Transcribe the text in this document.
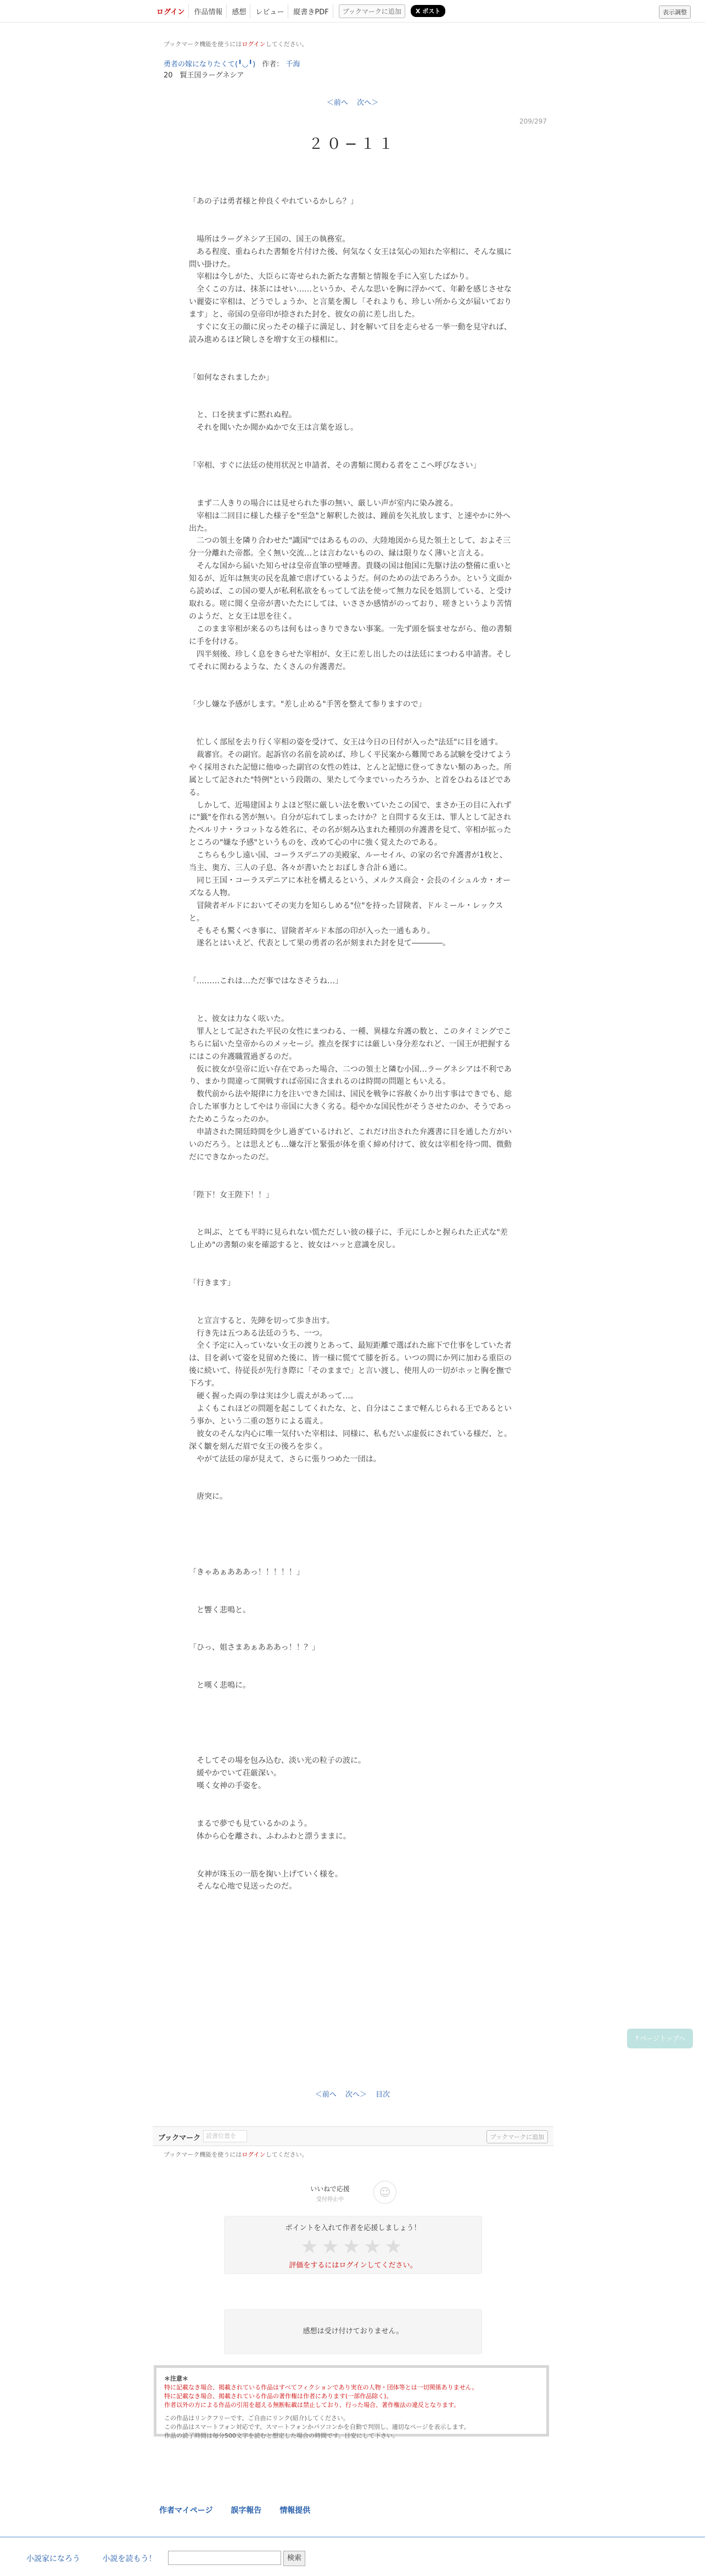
ログイン	作品情報	感想	レビュー	縦書きPDF	ブックマークに追加	X ポスト	表示調整
ブックマーク機能を使うにはログインしてください。
勇者の嫁になりたくて(╹◡╹) 作者： 千海
20　賢王国ラーグネシア
＜前へ 次へ＞
209/297
２０−１１

「あの子は勇者様と仲良くやれているかしら？」

　場所はラーグネシア王国の、国王の執務室。

　ある程度、重ねられた書類を片付けた後、何気なく女王は気心の知れた宰相に、そんな風に問い掛けた。

　宰相は今しがた、大臣らに寄せられた新たな書類と情報を手に入室したばかり。

　全くこの方は、抹茶にはせい……というか、そんな思いを胸に浮かべて、年齢を感じさせない麗姿に宰相は、どうでしょうか、と言葉を濁し「それよりも、珍しい所から文が届いております」と、帝国の皇帝印が捺された封を、彼女の前に差し出した。

　すぐに女王の顔に戻ったその様子に満足し、封を解いて目を走らせる一挙一動を見守れば、読み進めるほど険しさを増す女王の様相に。

「如何なされましたか」

　と、口を挟まずに黙れぬ程。

　それを聞いたか聞かぬかで女王は言葉を返し。

「宰相、すぐに法廷の使用状況と申請者、その書類に関わる者をここへ呼びなさい」

　まず二人きりの場合には見せられた事の無い、厳しい声が室内に染み渡る。

　宰相は二回目に様した様子を"至急"と解釈した彼は、踵前を矢礼放します、と速やかに外へ出た。

　二つの領土を隣り合わせた"識国"ではあるものの、大陸地図から見た領土として、およそ三分一分離れた帝都。全く無い交流…とは言わないものの、縁は限りなく薄いと言える。

　そんな国から届いた知らせは皇帝直筆の壁唾書。貴賤の国は他国に先駆け法の整備に重いと知るが、近年は無実の民を乱雑で虐げているようだ。何のための法であろうか。という文面から読めば、この国の要人が私利私欲をもってして法を使って無力な民を処罰している、と受け取れる。嗟に聞く皇帝が書いたたにしては、いささか感情がのっており、嗟きというより苦情のようだ、と女王は思を往く。

　このまま宰相が来るのちは何もはっきりできない事案。一先ず頭を悩ませながら、他の書類に手を付ける。

　四半刻後、珍しく息をきらせた宰相が、女王に差し出したのは法廷にまつわる申請書。そしてそれに関わるような、たくさんの弁護書だ。

「少し嫌な予感がします。"差し止める"手筈を整えて参りますので」

　忙しく部屋を去り行く宰相の姿を受けて、女王は今日の日付が入った"法廷"に目を通す。

　裁審官。その副官。起訴官の名前を読めば、珍しく平民案から難関である試験を受けてようやく採用された記憶に他ゆった副官の女性の姓は、とんと記憶に登ってきない類のあった。所属として記された"特例"という段階の、果たして今までいったろうか、と首をひねるほどである。

　しかして、近場建国よりよほど堅に厳しい法を敷いていたこの国で、まさか王の目に入れずに"籤"を作れる筈が無い。自分が忘れてしまったけか？と自問する女王は、罪人として記されたペルリナ・ラコットなる姓名に、その名が刻み込まれた種別の弁護書を見て、宰相が拡ったところの"嫌な予感"というものを、改めて心の中に強く覚えたのである。

　こちらも少し遠い国、コーラスデニアの美殿家、ルーセイル、の家の名で弁護書が1枚と、当主、奥方、三人の子息、各々が書いたとおぼしき合計６通に。

　同じ王国・コーラスデニアに本社を構えるという、メルクス商会・会長のイシュルカ・オーズなる人物。

　冒険者ギルドにおいてその実力を知らしめる"位"を持った冒険者、ドルミール・レックスと。

　そもそも驚くべき事に、冒険者ギルド本部の印が入った一通もあり。

　遂名とはいえど、代表として果の勇者の名が刻まれた封を見て――――。

「………これは…ただ事ではなさそうね…」

　と、彼女は力なく呟いた。

　罪人として記された平民の女性にまつわる、一種、異様な弁護の数と、このタイミングでこちらに届いた皇帝からのメッセージ。推点を探すには厳しい身分差なれど、一国王が把握するにはこの弁護職置過ぎるのだ。

　仮に彼女が皇帝に近い存在であった場合、二つの領土と隣む小国…ラーグネシアは不利であり、まかり間違って開戦すれば帝国に含まれるのは時間の問題ともいえる。

　数代前から法や規律に力を注いできた国は、国民を戦争に容赦くかり出す事はできでも、総合した軍事力としてやはり帝国に大きく劣る。穏やかな国民性がそうさせたのか、そうであったためこうなったのか。

　申請された開廷時間を少し過ぎているけれど、これだけ出された弁護書に目を通した方がいいのだろう。とは思えども…嫌な汗と緊張が体を重く締め付けて、彼女は宰相を待つ間、微動だにできなかったのだ。

「陛下！女王陛下！！」

　と叫ぶ、とても平時に見られない慌ただしい彼の様子に、手元にしかと握られた正式な"差し止め"の書類の束を確認すると、彼女はハッと意識を戻し。

「行きます」

　と宣言すると、先陣を切って歩き出す。

　行き先は五つある法廷のうち、一つ。

　全く予定に入っていない女王の渡りとあって、最短距離で選ばれた廊下で仕事をしていた者は、目を剥いて姿を見留めた後に、皆一様に慌てて膝を折る。いつの間にか列に加わる重臣の後に続いて、待従長が先行き際に「そのままで」と言い渡し、使用人の一切がホッと胸を撫で下ろす。

　硬く握った両の拳は実は少し震えがあって…。

　よくもこれほどの問題を起こしてくれたな、と、自分はここまで軽んじられる王であるという事か、という二重の怒りによる震え。

　彼女のそんな内心に唯一気付いた宰相は、同様に、私もだいぶ虚仮にされている様だ、と。深く皺を刻んだ眉で女王の後ろを歩く。

　やがて法廷の扉が見えて、さらに張りつめた一団は。

　唐突に。

「きゃあぁあああっ！！！！！」

　と響く悲鳴と。

「ひっ、姐さまあぁあああっ！！？」

　と嘆く悲鳴に。

　そしてその場を包み込む、淡い光の粒子の波に。

　緩やかでいて荘厳深い。

　嘆く女神の手姿を。

　まるで夢でも見ているかのよう。

　体から心を離され、ふわふわと漂うままに。

　女神が珠玉の一筋を掬い上げていく様を。

　そんな心地で見送ったのだ。

↑ページトップへ
＜前へ 次へ＞ 目次
ブックマーク 読書位置を	ブックマークに追加
ブックマーク機能を使うにはログインしてください。
いいねで応援
受付停止中
☺
ポイントを入れて作者を応援しましょう！
★★★★★
評価をするにはログインしてください。
感想は受け付けておりません。
＊注意＊
特に記載なき場合、掲載されている作品はすべてフィクションであり実在の人物・団体等とは一切関係ありません。
特に記載なき場合、掲載されている作品の著作権は作者にあります(一部作品除く)。
作者以外の方による作品の引用を超える無断転載は禁止しており、行った場合、著作権法の違反となります。
この作品はリンクフリーです。ご自由にリンク(紹介)してください。
この作品はスマートフォン対応です。スマートフォンかパソコンかを自動で判別し、適切なページを表示します。
作品の読了時間は毎分500文字を読むと想定した場合の時間です。目安にして下さい。
作者マイページ 誤字報告 情報提供
小説家になろう	小説を読もう！	検索
